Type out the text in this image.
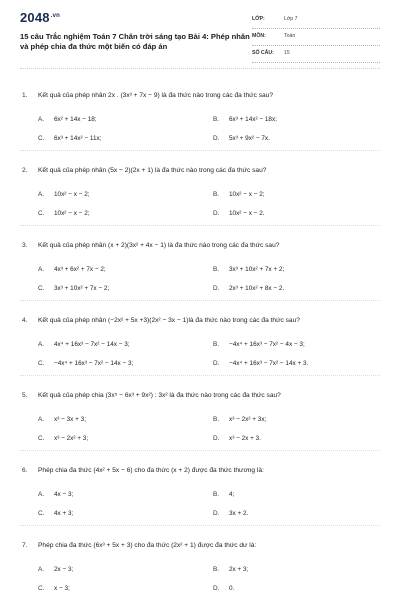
$2048^{.vn}$
15 câu Trắc nghiệm Toán 7 Chân trời sáng tạo Bài 4: Phép nhân và phép chia đa thức một biến có đáp án
LỚP:	Lớp 7
MÔN:	Toán
SỐ CÂU: 15
1. Kết quả của phép nhân 2x . (3x³ + 7x − 9) là đa thức nào trong các đa thức sau?
A. 6x² + 14x − 18;	B. 6x³ + 14x² − 18x;
C. 6x³ + 14x² − 11x;	D. 5x³ + 9x² − 7x.
2. Kết quả của phép nhân (5x − 2)(2x + 1) là đa thức nào trong các đa thức sau?
A. 10x² − x − 2;	B. 10x² − x − 2;
C. 10x² − x − 2;	D. 10x² − x − 2.
3. Kết quả của phép nhân (x + 2)(3x² + 4x − 1) là đa thức nào trong các đa thức sau?
A. 4x³ + 6x² + 7x − 2;	B. 3x³ + 10x² + 7x + 2;
C. 3x³ + 10x² + 7x − 2;	D. 2x³ + 10x² + 8x − 2.
4. Kết quả của phép nhân (−2x² + 5x +3)(2x² − 3x − 1)là đa thức nào trong các đa thức sau?
A. 4x⁴ + 16x³ − 7x² − 14x − 3;	B. −4x⁴ + 16x³ − 7x² − 4x − 3;
C. −4x⁴ + 16x³ − 7x² − 14x − 3;	D. −4x⁴ + 16x³ − 7x² − 14x + 3.
5. Kết quả của phép chia (3x⁵ − 6x³ + 9x²) : 3x² là đa thức nào trong các đa thức sau?
A. x³ − 3x + 3;	B. x³ − 2x² + 3x;
C. x³ − 2x² + 3;	D. x³ − 2x + 3.
6. Phép chia đa thức (4x² + 5x − 6) cho đa thức (x + 2) được đa thức thương là:
A. 4x − 3;	B. 4;
C. 4x + 3;	D. 3x + 2.
7. Phép chia đa thức (6x³ + 5x + 3) cho đa thức (2x² + 1) được đa thức dư là:
A. 2x − 3;	B. 2x + 3;
C. x − 3;	D. 0.
